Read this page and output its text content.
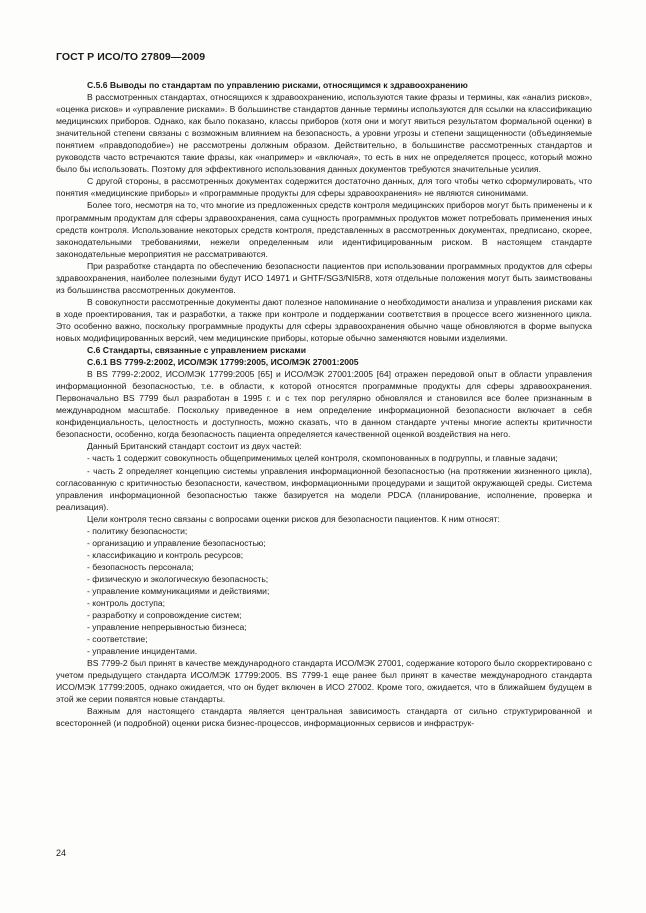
ГОСТ Р ИСО/ТО 27809—2009

С.5.6 Выводы по стандартам по управлению рисками, относящимся к здравоохранению

В рассмотренных стандартах, относящихся к здравоохранению, используются такие фразы и термины, как «анализ рисков», «оценка рисков» и «управление рисками». В большинстве стандартов данные термины используются для ссылки на классификацию медицинских приборов. Однако, как было показано, классы приборов (хотя они и могут явиться результатом формальной оценки) в значительной степени связаны с возможным влиянием на безопасность, а уровни угрозы и степени защищенности (объединяемые понятием «правдоподобие») не рассмотрены должным образом. Действительно, в большинстве рассмотренных стандартов и руководств часто встречаются такие фразы, как «например» и «включая», то есть в них не определяется процесс, который можно было бы использовать. Поэтому для эффективного использования данных документов требуются значительные усилия.

С другой стороны, в рассмотренных документах содержится достаточно данных, для того чтобы четко сформулировать, что понятия «медицинские приборы» и «программные продукты для сферы здравоохранения» не являются синонимами.

Более того, несмотря на то, что многие из предложенных средств контроля медицинских приборов могут быть применены и к программным продуктам для сферы здравоохранения, сама сущность программных продуктов может потребовать применения иных средств контроля. Использование некоторых средств контроля, представленных в рассмотренных документах, предписано, скорее, законодательными требованиями, нежели определенным или идентифицированным риском. В настоящем стандарте законодательные мероприятия не рассматриваются.

При разработке стандарта по обеспечению безопасности пациентов при использовании программных продуктов для сферы здравоохранения, наиболее полезными будут ИСО 14971 и GHTF/SG3/NI5R8, хотя отдельные положения могут быть заимствованы из большинства рассмотренных документов.

В совокупности рассмотренные документы дают полезное напоминание о необходимости анализа и управления рисками как в ходе проектирования, так и разработки, а также при контроле и поддержании соответствия в процессе всего жизненного цикла. Это особенно важно, поскольку программные продукты для сферы здравоохранения обычно чаще обновляются в форме выпуска новых модифицированных версий, чем медицинские приборы, которые обычно заменяются новыми изделиями.

С.6 Стандарты, связанные с управлением рисками

С.6.1 BS 7799-2:2002, ИСО/МЭК 17799:2005, ИСО/МЭК 27001:2005

В BS 7799-2:2002, ИСО/МЭК 17799:2005 [65] и ИСО/МЭК 27001:2005 [64] отражен передовой опыт в области управления информационной безопасностью, т.е. в области, к которой относятся программные продукты для сферы здравоохранения. Первоначально BS 7799 был разработан в 1995 г. и с тех пор регулярно обновлялся и становился все более признанным в международном масштабе. Поскольку приведенное в нем определение информационной безопасности включает в себя конфиденциальность, целостность и доступность, можно сказать, что в данном стандарте учтены многие аспекты критичности безопасности, особенно, когда безопасность пациента определяется качественной оценкой воздействия на него.

Данный Британский стандарт состоит из двух частей:

- часть 1 содержит совокупность общеприменимых целей контроля, скомпонованных в подгруппы, и главные задачи;

- часть 2 определяет концепцию системы управления информационной безопасностью (на протяжении жизненного цикла), согласованную с критичностью безопасности, качеством, информационными процедурами и защитой окружающей среды. Система управления информационной безопасностью также базируется на модели PDCA (планирование, исполнение, проверка и реализация).

Цели контроля тесно связаны с вопросами оценки рисков для безопасности пациентов. К ним относят:

- политику безопасности;

- организацию и управление безопасностью;

- классификацию и контроль ресурсов;

- безопасность персонала;

- физическую и экологическую безопасность;

- управление коммуникациями и действиями;

- контроль доступа;

- разработку и сопровождение систем;

- управление непрерывностью бизнеса;

- соответствие;

- управление инцидентами.

BS 7799-2 был принят в качестве международного стандарта ИСО/МЭК 27001, содержание которого было скорректировано с учетом предыдущего стандарта ИСО/МЭК 17799:2005. BS 7799-1 еще ранее был принят в качестве международного стандарта ИСО/МЭК 17799:2005, однако ожидается, что он будет включен в ИСО 27002. Кроме того, ожидается, что в ближайшем будущем в этой же серии появятся новые стандарты.

Важным для настоящего стандарта является центральная зависимость стандарта от сильно структурированной и всесторонней (и подробной) оценки риска бизнес-процессов, информационных сервисов и инфраструк-

24
